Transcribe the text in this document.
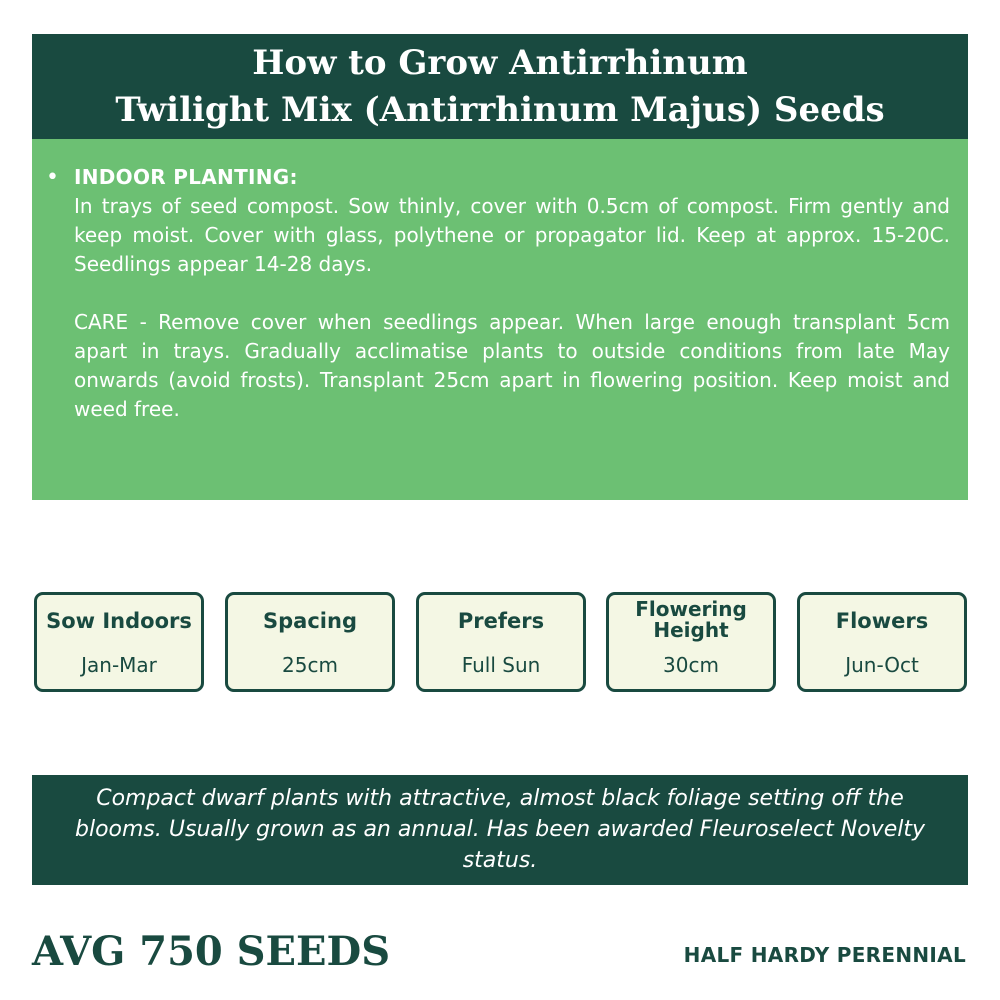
How to Grow Antirrhinum
Twilight Mix (Antirrhinum Majus) Seeds
• INDOOR PLANTING:

In trays of seed compost. Sow thinly, cover with 0.5cm of compost. Firm gently and keep moist. Cover with glass, polythene or propagator lid. Keep at approx. 15-20C. Seedlings appear 14-28 days.

CARE - Remove cover when seedlings appear. When large enough transplant 5cm apart in trays. Gradually acclimatise plants to outside conditions from late May onwards (avoid frosts). Transplant 25cm apart in flowering position. Keep moist and weed free.

Sow Indoors
Jan-Mar
Spacing
25cm
Prefers
Full Sun
Flowering Height
30cm
Flowers
Jun-Oct
Compact dwarf plants with attractive, almost black foliage setting off the blooms. Usually grown as an annual. Has been awarded Fleuroselect Novelty status.
AVG 750 SEEDS	HALF HARDY PERENNIAL
